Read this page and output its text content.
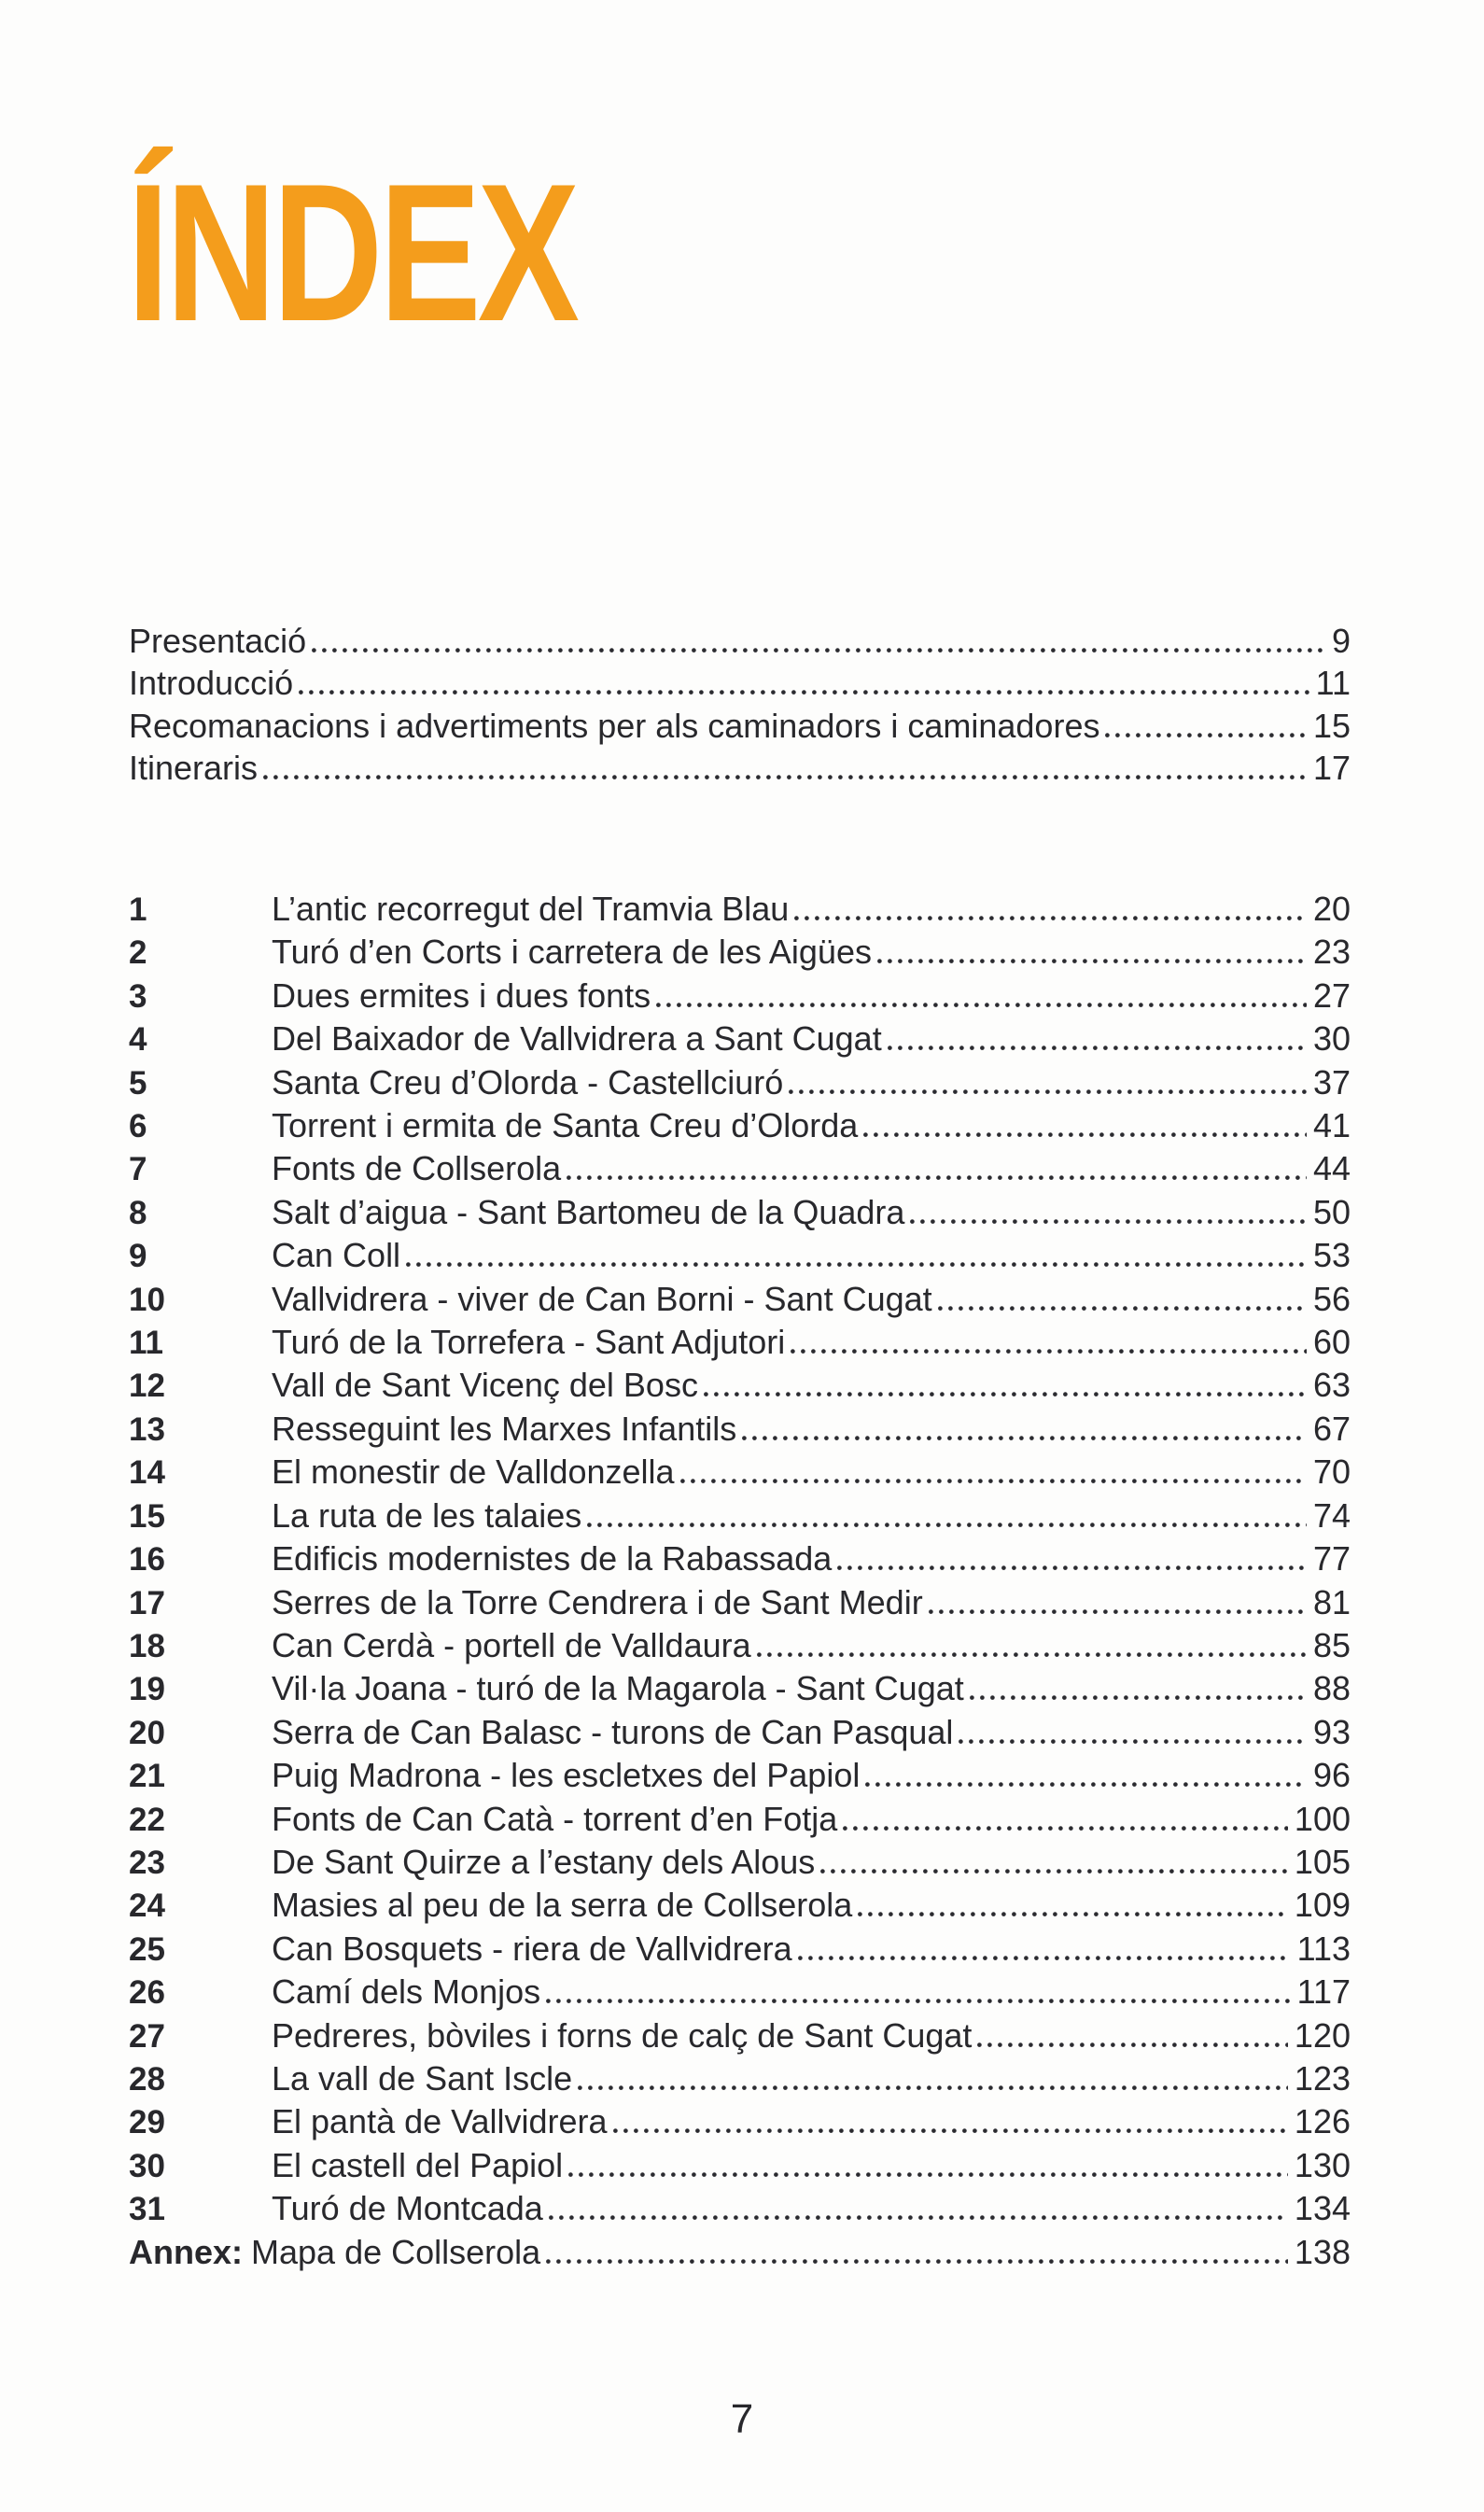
ÍNDEX
Presentació	9
Introducció	11
Recomanacions i advertiments per als caminadors i caminadores	15
Itineraris	17
1	L’antic recorregut del Tramvia Blau	20
2	Turó d’en Corts i carretera de les Aigües	23
3	Dues ermites i dues fonts	27
4	Del Baixador de Vallvidrera a Sant Cugat	30
5	Santa Creu d’Olorda - Castellciuró	37
6	Torrent i ermita de Santa Creu d’Olorda	41
7	Fonts de Collserola	44
8	Salt d’aigua - Sant Bartomeu de la Quadra	50
9	Can Coll	53
10	Vallvidrera - viver de Can Borni - Sant Cugat	56
11	Turó de la Torrefera - Sant Adjutori	60
12	Vall de Sant Vicenç del Bosc	63
13	Resseguint les Marxes Infantils	67
14	El monestir de Valldonzella	70
15	La ruta de les talaies	74
16	Edificis modernistes de la Rabassada	77
17	Serres de la Torre Cendrera i de Sant Medir	81
18	Can Cerdà - portell de Valldaura	85
19	Vil·la Joana - turó de la Magarola - Sant Cugat	88
20	Serra de Can Balasc - turons de Can Pasqual	93
21	Puig Madrona - les escletxes del Papiol	96
22	Fonts de Can Catà - torrent d’en Fotja	100
23	De Sant Quirze a l’estany dels Alous	105
24	Masies al peu de la serra de Collserola	109
25	Can Bosquets - riera de Vallvidrera	113
26	Camí dels Monjos	117
27	Pedreres, bòviles i forns de calç de Sant Cugat	120
28	La vall de Sant Iscle	123
29	El pantà de Vallvidrera	126
30	El castell del Papiol	130
31	Turó de Montcada	134
Annex: Mapa de Collserola	138
7
